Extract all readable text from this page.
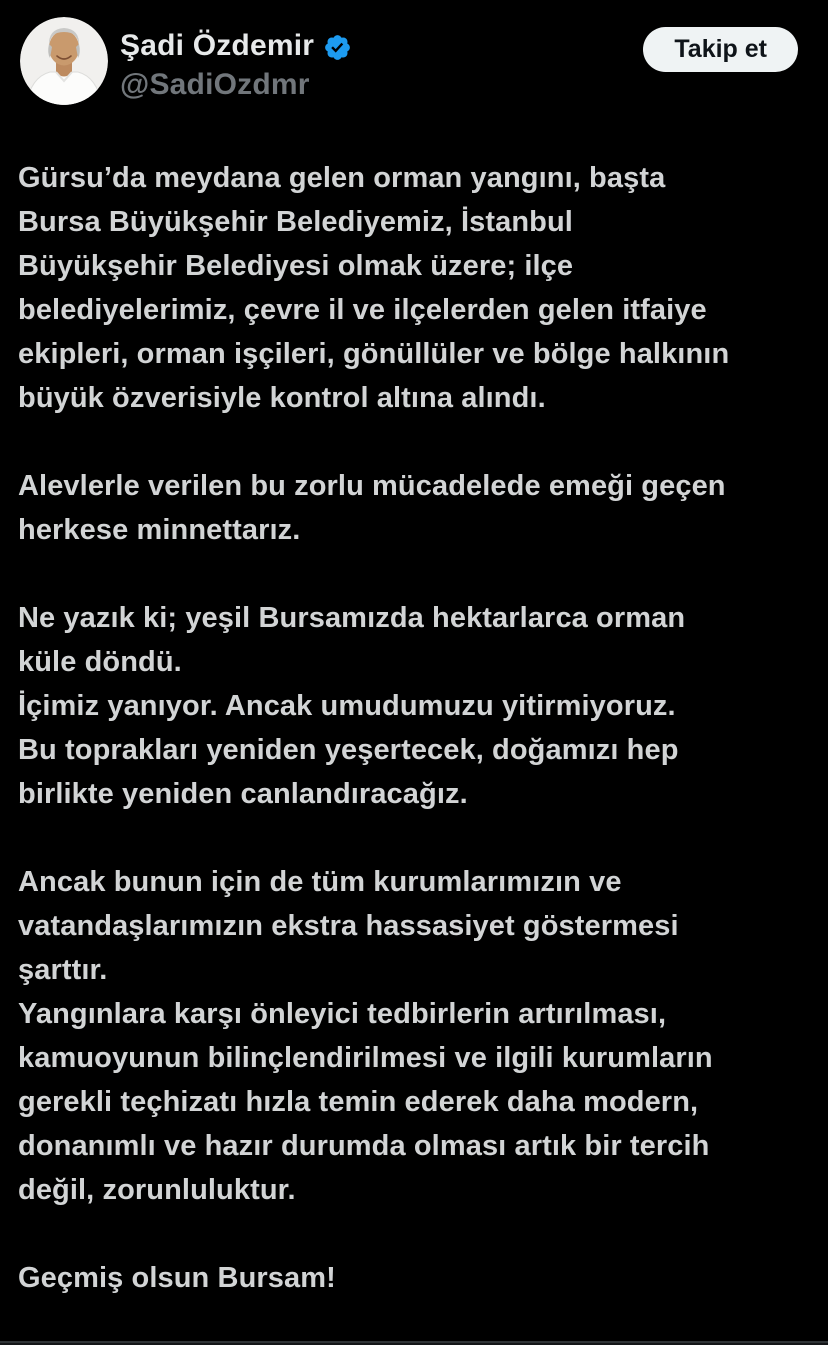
Şadi Özdemir
@SadiOzdmr
Takip et
Gürsu’da meydana gelen orman yangını, başta
Bursa Büyükşehir Belediyemiz, İstanbul
Büyükşehir Belediyesi olmak üzere; ilçe
belediyelerimiz, çevre il ve ilçelerden gelen itfaiye
ekipleri, orman işçileri, gönüllüler ve bölge halkının
büyük özverisiyle kontrol altına alındı.
Alevlerle verilen bu zorlu mücadelede emeği geçen
herkese minnettarız.
Ne yazık ki; yeşil Bursamızda hektarlarca orman
küle döndü.
İçimiz yanıyor. Ancak umudumuzu yitirmiyoruz.
Bu toprakları yeniden yeşertecek, doğamızı hep
birlikte yeniden canlandıracağız.
Ancak bunun için de tüm kurumlarımızın ve
vatandaşlarımızın ekstra hassasiyet göstermesi
şarttır.
Yangınlara karşı önleyici tedbirlerin artırılması,
kamuoyunun bilinçlendirilmesi ve ilgili kurumların
gerekli teçhizatı hızla temin ederek daha modern,
donanımlı ve hazır durumda olması artık bir tercih
değil, zorunluluktur.
Geçmiş olsun Bursam!
